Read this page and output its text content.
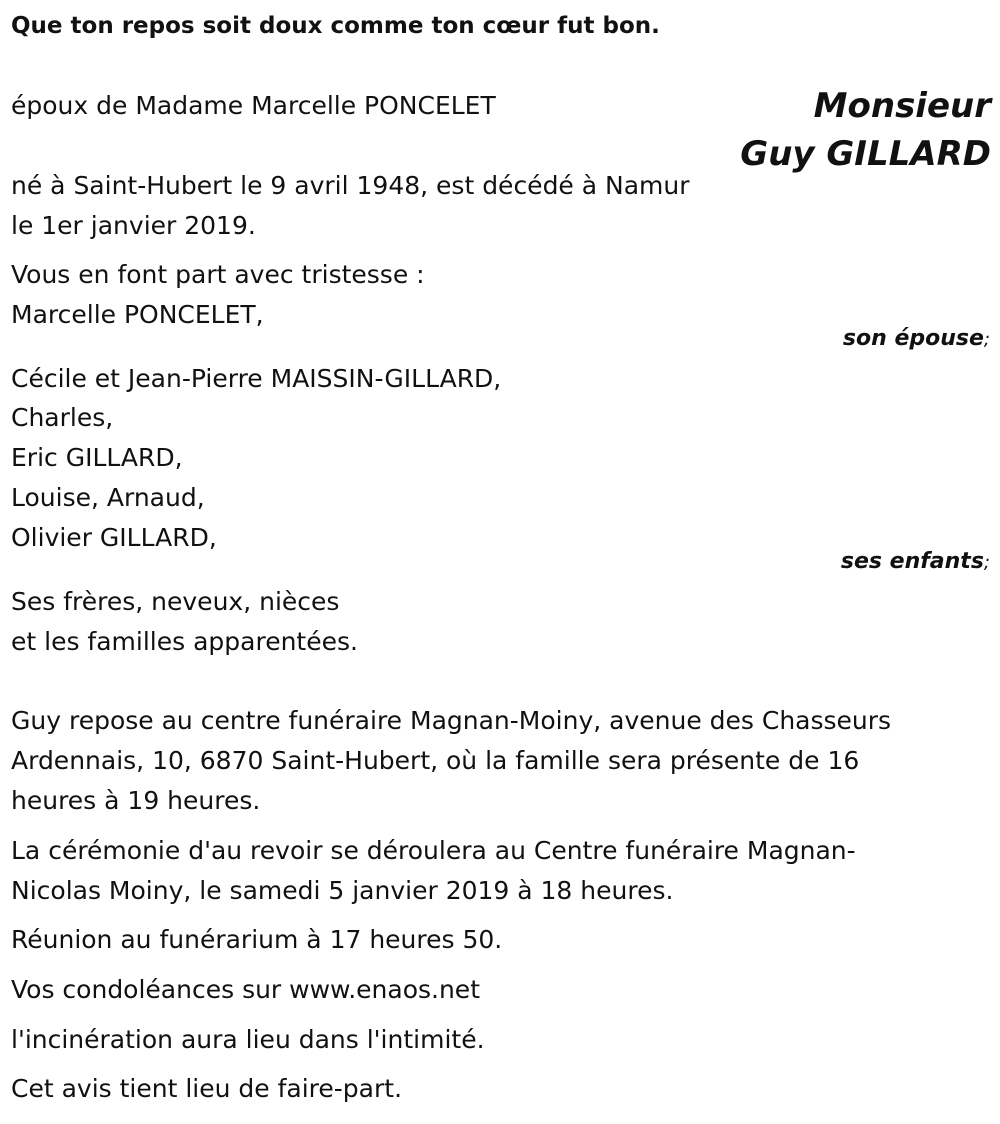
Que ton repos soit doux comme ton cœur fut bon.
Monsieur
Guy GILLARD
époux de Madame Marcelle PONCELET
né à Saint-Hubert le 9 avril 1948, est décédé à Namur
le 1er janvier 2019.
Vous en font part avec tristesse :
Marcelle PONCELET,
son épouse;
Cécile et Jean-Pierre MAISSIN-GILLARD,
Charles,
Eric GILLARD,
Louise, Arnaud,
Olivier GILLARD,
ses enfants;
Ses frères, neveux, nièces
et les familles apparentées.
Guy repose au centre funéraire Magnan-Moiny, avenue des Chasseurs
Ardennais, 10, 6870 Saint-Hubert, où la famille sera présente de 16
heures à 19 heures.
La cérémonie d'au revoir se déroulera au Centre funéraire Magnan-
Nicolas Moiny, le samedi 5 janvier 2019 à 18 heures.
Réunion au funérarium à 17 heures 50.
Vos condoléances sur www.enaos.net
l'incinération aura lieu dans l'intimité.
Cet avis tient lieu de faire-part.
